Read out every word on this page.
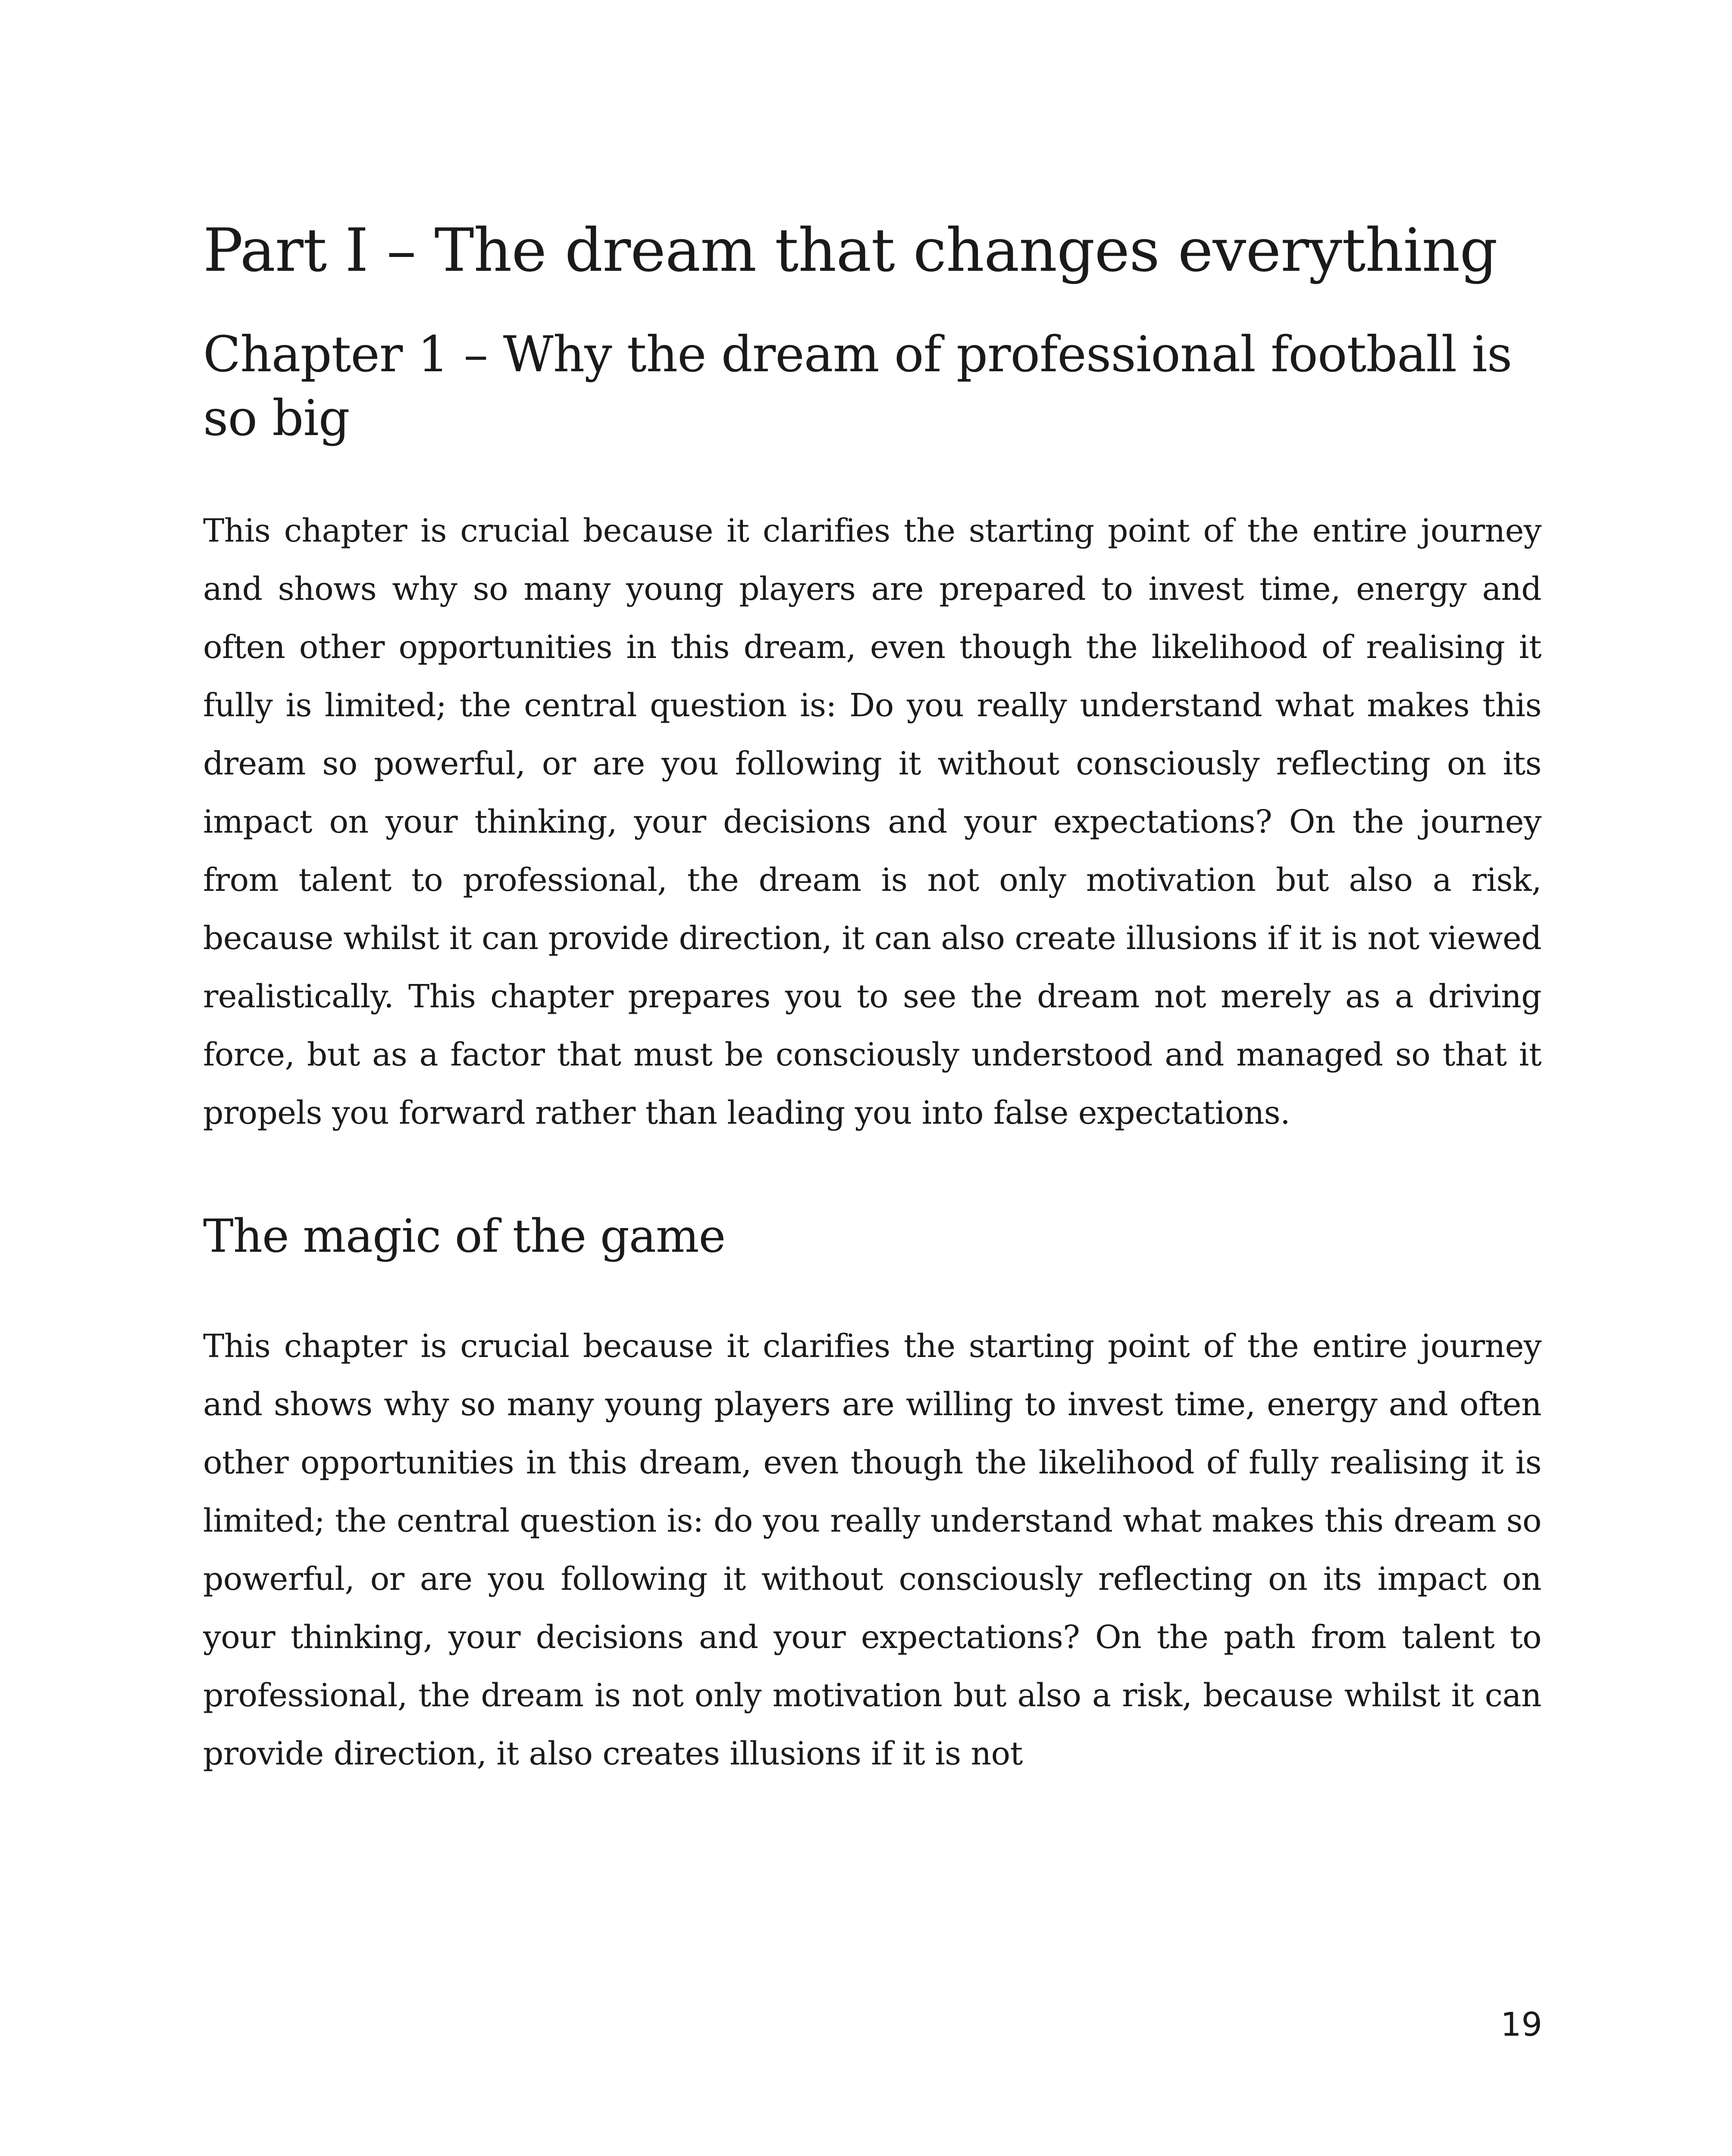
Part I – The dream that changes everything
Chapter 1 – Why the dream of professional football is so big

This chapter is crucial because it clarifies the starting point of the entire journey and shows why so many young players are prepared to invest time, energy and often other opportunities in this dream, even though the likelihood of realising it fully is limited; the central question is: Do you really understand what makes this dream so powerful, or are you following it without consciously reflecting on its impact on your thinking, your decisions and your expectations? On the journey from talent to professional, the dream is not only motivation but also a risk, because whilst it can provide direction, it can also create illusions if it is not viewed realistically. This chapter prepares you to see the dream not merely as a driving force, but as a factor that must be consciously understood and managed so that it propels you forward rather than leading you into false expectations.

The magic of the game

This chapter is crucial because it clarifies the starting point of the entire journey and shows why so many young players are willing to invest time, energy and often other opportunities in this dream, even though the likelihood of fully realising it is limited; the central question is: do you really understand what makes this dream so powerful, or are you following it without consciously reflecting on its impact on your thinking, your decisions and your expectations? On the path from talent to professional, the dream is not only motivation but also a risk, because whilst it can provide direction, it also creates illusions if it is not

19
